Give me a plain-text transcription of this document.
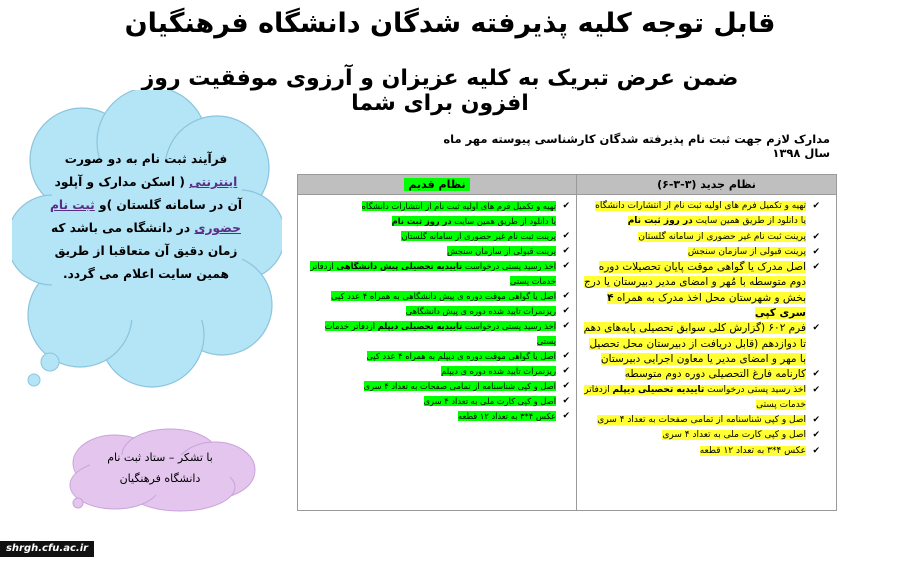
قابل توجه کلیه پذیرفته شدگان دانشگاه فرهنگیان
ضمن عرض تبریک به کلیه عزیزان و آرزوی موفقیت روز افزون برای شما
مدارک لازم جهت ثبت نام پذیرفته شدگان کارشناسی پیوسته مهر ماه سال ۱۳۹۸
فرآیند ثبت نام به دو صورت
اینترنتی ( اسکن مدارک و آپلود
آن در سامانه گلستان )و ثبت نام
حضوری در دانشگاه می باشد که
زمان دقیق آن متعاقبا از طریق
همین سایت اعلام می گردد.
با تشکر – ستاد ثبت نام
دانشگاه فرهنگیان
نظام جدید (۳-۳-۶)
نظام قدیم

✔ تهیه و تکمیل فرم های اولیه ثبت نام از انتشارات دانشگاه
یا دانلود از طریق همین سایت در روز ثبت نام

✔ پرینت ثبت نام غیر حضوری از سامانه گلستان

✔ پرینت قبولی از سازمان سنجش

✔ اصل مدرک یا گواهی موقت پایان تحصیلات دوره دوم متوسطه با مُهر و امضای مدیر دبیرستان یا درج بخش و شهرستان محل اخذ مدرک به همراه ۴ سری کپی

✔ فرم ۶۰۲ (گزارش کلی سوابق تحصیلی پایه‌های دهم تا دوازدهم (قابل دریافت از دبیرستان محل تحصیل با مهر و امضای مدیر یا معاون اجرایی دبیرستان

✔ کارنامه فارغ التحصیلی دوره دوم متوسطه

✔ اخذ رسید پستی درخواست تاییدیه تحصیلی دیپلم ازدفاتر خدمات پستی

✔ اصل و کپی شناسنامه از تمامی صفحات به تعداد ۴ سری

✔ اصل و کپی کارت ملی به تعداد ۴ سری

✔ عکس ۴*۳ به تعداد ۱۲ قطعه

✔ تهیه و تکمیل فرم های اولیه ثبت نام از انتشارات دانشگاه
یا دانلود از طریق همین سایت در روز ثبت نام

✔ پرینت ثبت نام غیر حضوری از سامانه گلستان

✔ پرینت قبولی از سازمان سنجش

✔ اخذ رسید پستی درخواست تاییدیه تحصیلی پیش دانشگاهی ازدفاتر خدمات پستی

✔ اصل یا گواهی موقت دوره ی پیش دانشگاهی به همراه ۴ عدد کپی

✔ ریزنمرات تایید شده دوره ی پیش دانشگاهی

✔ اخذ رسید پستی درخواست تاییدیه تحصیلی دیپلم ازدفاتر خدمات پستی

✔ اصل یا گواهی موقت دوره ی دیپلم به همراه ۴ عدد کپی

✔ ریزنمرات تایید شده دوره ی دیپلم

✔ اصل و کپی شناسنامه از تمامی صفحات به تعداد ۴ سری

✔ اصل و کپی کارت ملی به تعداد ۴ سری

✔ عکس ۴*۳ به تعداد ۱۲ قطعه

shrgh.cfu.ac.ir
